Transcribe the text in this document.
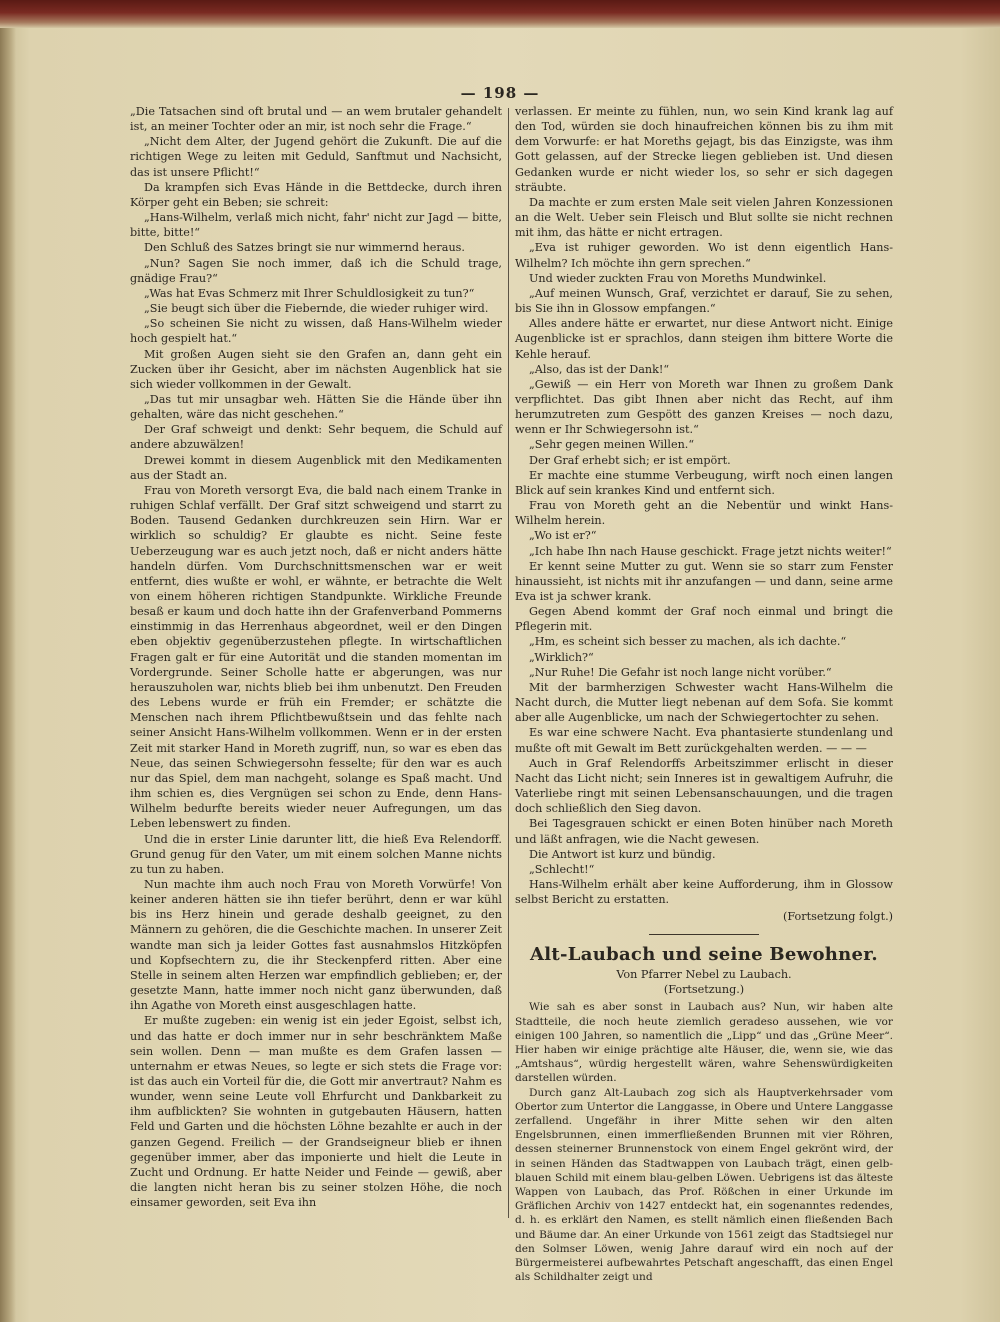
— 198 —

„Die Tatsachen sind oft brutal und — an wem brutaler gehandelt ist, an meiner Tochter oder an mir, ist noch sehr die Frage.“

„Nicht dem Alter, der Jugend gehört die Zukunft. Die auf die richtigen Wege zu leiten mit Geduld, Sanftmut und Nachsicht, das ist unsere Pflicht!“

Da krampfen sich Evas Hände in die Bettdecke, durch ihren Körper geht ein Beben; sie schreit:

„Hans-Wilhelm, verlaß mich nicht, fahr' nicht zur Jagd — bitte, bitte, bitte!“

Den Schluß des Satzes bringt sie nur wimmernd heraus.

„Nun? Sagen Sie noch immer, daß ich die Schuld trage, gnädige Frau?“

„Was hat Evas Schmerz mit Ihrer Schuldlosigkeit zu tun?“

„Sie beugt sich über die Fiebernde, die wieder ruhiger wird.

„So scheinen Sie nicht zu wissen, daß Hans-Wilhelm wieder hoch gespielt hat.“

Mit großen Augen sieht sie den Grafen an, dann geht ein Zucken über ihr Gesicht, aber im nächsten Augenblick hat sie sich wieder vollkommen in der Gewalt.

„Das tut mir unsagbar weh. Hätten Sie die Hände über ihn gehalten, wäre das nicht geschehen.“

Der Graf schweigt und denkt: Sehr bequem, die Schuld auf andere abzuwälzen!

Drewei kommt in diesem Augenblick mit den Medikamenten aus der Stadt an.

Frau von Moreth versorgt Eva, die bald nach einem Tranke in ruhigen Schlaf verfällt. Der Graf sitzt schweigend und starrt zu Boden. Tausend Gedanken durchkreuzen sein Hirn. War er wirklich so schuldig? Er glaubte es nicht. Seine feste Ueberzeugung war es auch jetzt noch, daß er nicht anders hätte handeln dürfen. Vom Durchschnittsmenschen war er weit entfernt, dies wußte er wohl, er wähnte, er betrachte die Welt von einem höheren richtigen Standpunkte. Wirkliche Freunde besaß er kaum und doch hatte ihn der Grafenverband Pommerns einstimmig in das Herrenhaus abgeordnet, weil er den Dingen eben objektiv gegenüberzustehen pflegte. In wirtschaftlichen Fragen galt er für eine Autorität und die standen momentan im Vordergrunde. Seiner Scholle hatte er abgerungen, was nur herauszuholen war, nichts blieb bei ihm unbenutzt. Den Freuden des Lebens wurde er früh ein Fremder; er schätzte die Menschen nach ihrem Pflichtbewußtsein und das fehlte nach seiner Ansicht Hans-Wilhelm vollkommen. Wenn er in der ersten Zeit mit starker Hand in Moreth zugriff, nun, so war es eben das Neue, das seinen Schwiegersohn fesselte; für den war es auch nur das Spiel, dem man nachgeht, solange es Spaß macht. Und ihm schien es, dies Vergnügen sei schon zu Ende, denn Hans-Wilhelm bedurfte bereits wieder neuer Aufregungen, um das Leben lebenswert zu finden.

Und die in erster Linie darunter litt, die hieß Eva Relendorff. Grund genug für den Vater, um mit einem solchen Manne nichts zu tun zu haben.

Nun machte ihm auch noch Frau von Moreth Vorwürfe! Von keiner anderen hätten sie ihn tiefer berührt, denn er war kühl bis ins Herz hinein und gerade deshalb geeignet, zu den Männern zu gehören, die die Geschichte machen. In unserer Zeit wandte man sich ja leider Gottes fast ausnahmslos Hitzköpfen und Kopfsechtern zu, die ihr Steckenpferd ritten. Aber eine Stelle in seinem alten Herzen war empfindlich geblieben; er, der gesetzte Mann, hatte immer noch nicht ganz überwunden, daß ihn Agathe von Moreth einst ausgeschlagen hatte.

Er mußte zugeben: ein wenig ist ein jeder Egoist, selbst ich, und das hatte er doch immer nur in sehr beschränktem Maße sein wollen. Denn — man mußte es dem Grafen lassen — unternahm er etwas Neues, so legte er sich stets die Frage vor: ist das auch ein Vorteil für die, die Gott mir anvertraut? Nahm es wunder, wenn seine Leute voll Ehrfurcht und Dankbarkeit zu ihm aufblickten? Sie wohnten in gutgebauten Häusern, hatten Feld und Garten und die höchsten Löhne bezahlte er auch in der ganzen Gegend. Freilich — der Grandseigneur blieb er ihnen gegenüber immer, aber das imponierte und hielt die Leute in Zucht und Ordnung. Er hatte Neider und Feinde — gewiß, aber die langten nicht heran bis zu seiner stolzen Höhe, die noch einsamer geworden, seit Eva ihn

verlassen. Er meinte zu fühlen, nun, wo sein Kind krank lag auf den Tod, würden sie doch hinaufreichen können bis zu ihm mit dem Vorwurfe: er hat Moreths gejagt, bis das Einzigste, was ihm Gott gelassen, auf der Strecke liegen geblieben ist. Und diesen Gedanken wurde er nicht wieder los, so sehr er sich dagegen sträubte.

Da machte er zum ersten Male seit vielen Jahren Konzessionen an die Welt. Ueber sein Fleisch und Blut sollte sie nicht rechnen mit ihm, das hätte er nicht ertragen.

„Eva ist ruhiger geworden. Wo ist denn eigentlich Hans-Wilhelm? Ich möchte ihn gern sprechen.“

Und wieder zuckten Frau von Moreths Mundwinkel.

„Auf meinen Wunsch, Graf, verzichtet er darauf, Sie zu sehen, bis Sie ihn in Glossow empfangen.“

Alles andere hätte er erwartet, nur diese Antwort nicht. Einige Augenblicke ist er sprachlos, dann steigen ihm bittere Worte die Kehle herauf.

„Also, das ist der Dank!“

„Gewiß — ein Herr von Moreth war Ihnen zu großem Dank verpflichtet. Das gibt Ihnen aber nicht das Recht, auf ihm herumzutreten zum Gespött des ganzen Kreises — noch dazu, wenn er Ihr Schwiegersohn ist.“

„Sehr gegen meinen Willen.“

Der Graf erhebt sich; er ist empört.

Er machte eine stumme Verbeugung, wirft noch einen langen Blick auf sein krankes Kind und entfernt sich.

Frau von Moreth geht an die Nebentür und winkt Hans-Wilhelm herein.

„Wo ist er?“

„Ich habe Ihn nach Hause geschickt. Frage jetzt nichts weiter!“

Er kennt seine Mutter zu gut. Wenn sie so starr zum Fenster hinaussieht, ist nichts mit ihr anzufangen — und dann, seine arme Eva ist ja schwer krank.

Gegen Abend kommt der Graf noch einmal und bringt die Pflegerin mit.

„Hm, es scheint sich besser zu machen, als ich dachte.“

„Wirklich?“

„Nur Ruhe! Die Gefahr ist noch lange nicht vorüber.“

Mit der barmherzigen Schwester wacht Hans-Wilhelm die Nacht durch, die Mutter liegt nebenan auf dem Sofa. Sie kommt aber alle Augenblicke, um nach der Schwiegertochter zu sehen.

Es war eine schwere Nacht. Eva phantasierte stundenlang und mußte oft mit Gewalt im Bett zurückgehalten werden. — — —

Auch in Graf Relendorffs Arbeitszimmer erlischt in dieser Nacht das Licht nicht; sein Inneres ist in gewaltigem Aufruhr, die Vaterliebe ringt mit seinen Lebensanschauungen, und die tragen doch schließlich den Sieg davon.

Bei Tagesgrauen schickt er einen Boten hinüber nach Moreth und läßt anfragen, wie die Nacht gewesen.

Die Antwort ist kurz und bündig.

„Schlecht!“

Hans-Wilhelm erhält aber keine Aufforderung, ihm in Glossow selbst Bericht zu erstatten.

(Fortsetzung folgt.)
Alt-Laubach und seine Bewohner.
Von Pfarrer Nebel zu Laubach.
(Fortsetzung.)

Wie sah es aber sonst in Laubach aus? Nun, wir haben alte Stadtteile, die noch heute ziemlich geradeso aussehen, wie vor einigen 100 Jahren, so namentlich die „Lipp“ und das „Grüne Meer“. Hier haben wir einige prächtige alte Häuser, die, wenn sie, wie das „Amtshaus“, würdig hergestellt wären, wahre Sehenswürdigkeiten darstellen würden.

Durch ganz Alt-Laubach zog sich als Hauptverkehrsader vom Obertor zum Untertor die Langgasse, in Obere und Untere Langgasse zerfallend. Ungefähr in ihrer Mitte sehen wir den alten Engelsbrunnen, einen immerfließenden Brunnen mit vier Röhren, dessen steinerner Brunnenstock von einem Engel gekrönt wird, der in seinen Händen das Stadtwappen von Laubach trägt, einen gelb-blauen Schild mit einem blau-gelben Löwen. Uebrigens ist das älteste Wappen von Laubach, das Prof. Rößchen in einer Urkunde im Gräflichen Archiv von 1427 entdeckt hat, ein sogenanntes redendes, d. h. es erklärt den Namen, es stellt nämlich einen fließenden Bach und Bäume dar. An einer Urkunde von 1561 zeigt das Stadtsiegel nur den Solmser Löwen, wenig Jahre darauf wird ein noch auf der Bürgermeisterei aufbewahrtes Petschaft angeschafft, das einen Engel als Schildhalter zeigt und
